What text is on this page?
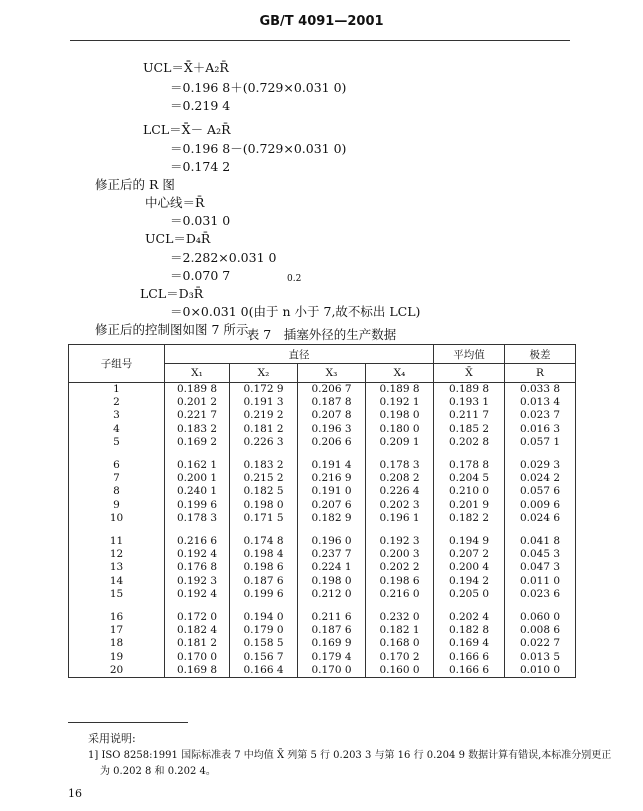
GB/T 4091—2001
UCL＝X̄̄＋A₂R̄
＝0.196 8＋(0.729×0.031 0)
＝0.219 4
LCL＝X̄̄－ A₂R̄
＝0.196 8－(0.729×0.031 0)
＝0.174 2
修正后的 R 图
中心线＝R̄
＝0.031 0
UCL＝D₄R̄
＝2.282×0.031 0
＝0.070 7	0.2
LCL＝D₃R̄
＝0×0.031 0(由于 n 小于 7,故不标出 LCL)
修正后的控制图如图 7 所示。
表 7　插塞外径的生产数据
子组号	直径				平均值	极差
	X₁	X₂	X₃	X₄	X̄	R
1	0.189 8	0.172 9	0.206 7	0.189 8	0.189 8	0.033 8
2	0.201 2	0.191 3	0.187 8	0.192 1	0.193 1	0.013 4
3	0.221 7	0.219 2	0.207 8	0.198 0	0.211 7	0.023 7
4	0.183 2	0.181 2	0.196 3	0.180 0	0.185 2	0.016 3
5	0.169 2	0.226 3	0.206 6	0.209 1	0.202 8	0.057 1

6	0.162 1	0.183 2	0.191 4	0.178 3	0.178 8	0.029 3
7	0.200 1	0.215 2	0.216 9	0.208 2	0.204 5	0.024 2
8	0.240 1	0.182 5	0.191 0	0.226 4	0.210 0	0.057 6
9	0.199 6	0.198 0	0.207 6	0.202 3	0.201 9	0.009 6
10	0.178 3	0.171 5	0.182 9	0.196 1	0.182 2	0.024 6

11	0.216 6	0.174 8	0.196 0	0.192 3	0.194 9	0.041 8
12	0.192 4	0.198 4	0.237 7	0.200 3	0.207 2	0.045 3
13	0.176 8	0.198 6	0.224 1	0.202 2	0.200 4	0.047 3
14	0.192 3	0.187 6	0.198 0	0.198 6	0.194 2	0.011 0
15	0.192 4	0.199 6	0.212 0	0.216 0	0.205 0	0.023 6

16	0.172 0	0.194 0	0.211 6	0.232 0	0.202 4	0.060 0
17	0.182 4	0.179 0	0.187 6	0.182 1	0.182 8	0.008 6
18	0.181 2	0.158 5	0.169 9	0.168 0	0.169 4	0.022 7
19	0.170 0	0.156 7	0.179 4	0.170 2	0.166 6	0.013 5
20	0.169 8	0.166 4	0.170 0	0.160 0	0.166 6	0.010 0
采用说明:
1] ISO 8258:1991 国际标准表 7 中均值 X̄ 列第 5 行 0.203 3 与第 16 行 0.204 9 数据计算有错误,本标准分别更正
为 0.202 8 和 0.202 4。
16
